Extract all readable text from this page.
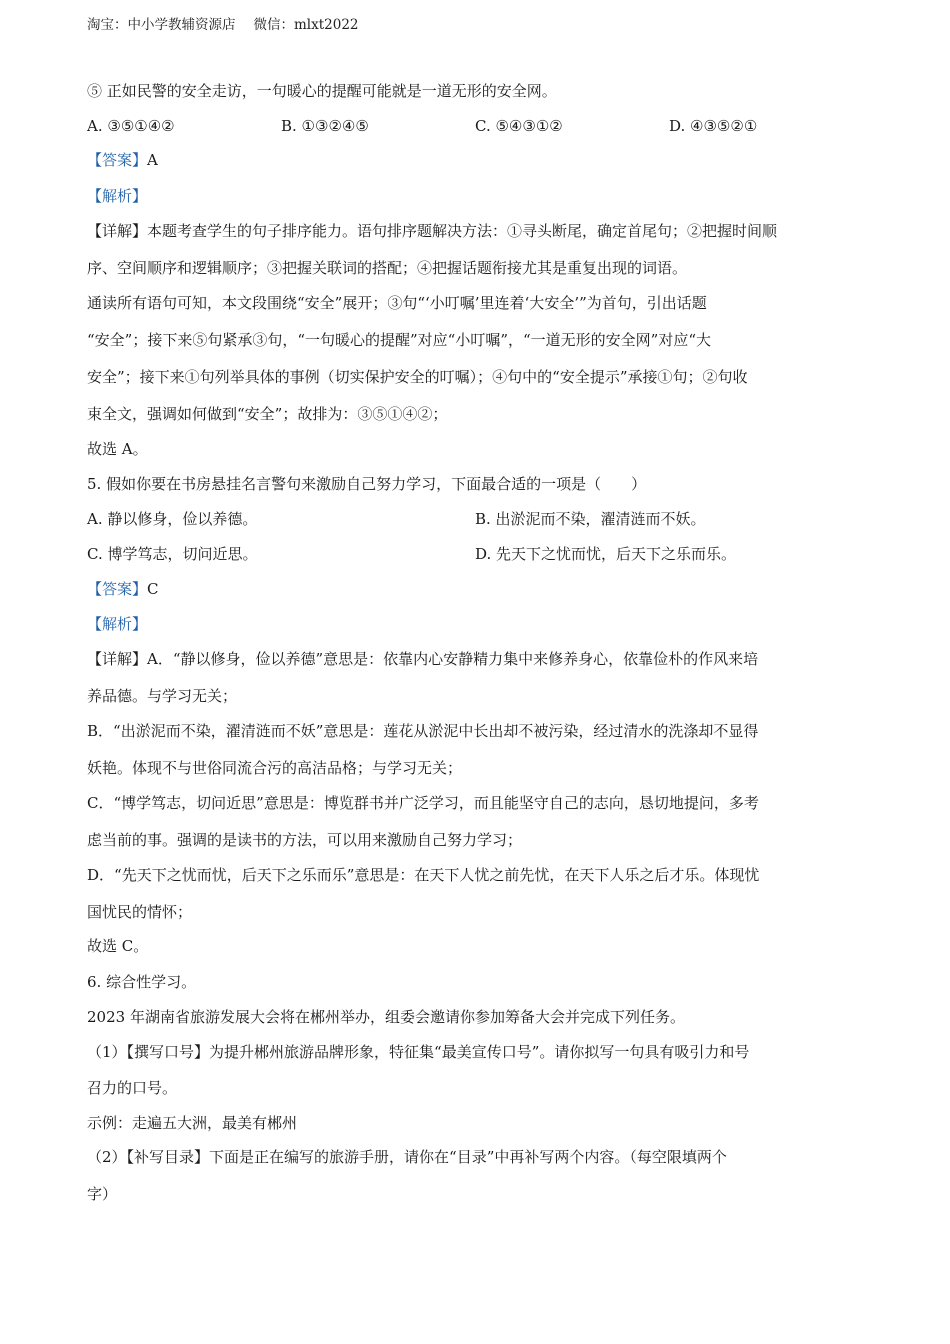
淘宝：中小学教辅资源店 微信：mlxt2022
⑤ 正如民警的安全走访，一句暖心的提醒可能就是一道无形的安全网。
A. ③⑤①④②	B. ①③②④⑤	C. ⑤④③①②	D. ④③⑤②①
【答案】A
【解析】
【详解】本题考查学生的句子排序能力。语句排序题解决方法：①寻头断尾，确定首尾句；②把握时间顺
序、空间顺序和逻辑顺序；③把握关联词的搭配；④把握话题衔接尤其是重复出现的词语。
通读所有语句可知，本文段围绕“安全”展开；③句“‘小叮嘱’里连着‘大安全’”为首句，引出话题
“安全”；接下来⑤句紧承③句，“一句暖心的提醒”对应“小叮嘱”，“一道无形的安全网”对应“大
安全”；接下来①句列举具体的事例（切实保护安全的叮嘱）；④句中的“安全提示”承接①句；②句收
束全文，强调如何做到“安全”；故排为：③⑤①④②；
故选 A。
5. 假如你要在书房悬挂名言警句来激励自己努力学习，下面最合适的一项是（　　）
A. 静以修身，俭以养德。	B. 出淤泥而不染，濯清涟而不妖。
C. 博学笃志，切问近思。	D. 先天下之忧而忧，后天下之乐而乐。
【答案】C
【解析】
【详解】A．“静以修身，俭以养德”意思是：依靠内心安静精力集中来修养身心，依靠俭朴的作风来培
养品德。与学习无关；
B．“出淤泥而不染，濯清涟而不妖”意思是：莲花从淤泥中长出却不被污染，经过清水的洗涤却不显得
妖艳。体现不与世俗同流合污的高洁品格；与学习无关；
C．“博学笃志，切问近思”意思是：博览群书并广泛学习，而且能坚守自己的志向，恳切地提问，多考
虑当前的事。强调的是读书的方法，可以用来激励自己努力学习；
D．“先天下之忧而忧，后天下之乐而乐”意思是：在天下人忧之前先忧，在天下人乐之后才乐。体现忧
国忧民的情怀；
故选 C。
6. 综合性学习。
2023 年湖南省旅游发展大会将在郴州举办，组委会邀请你参加筹备大会并完成下列任务。
（1）【撰写口号】为提升郴州旅游品牌形象，特征集“最美宣传口号”。请你拟写一句具有吸引力和号
召力的口号。
示例：走遍五大洲，最美有郴州
（2）【补写目录】下面是正在编写的旅游手册，请你在“目录”中再补写两个内容。（每空限填两个
字）
